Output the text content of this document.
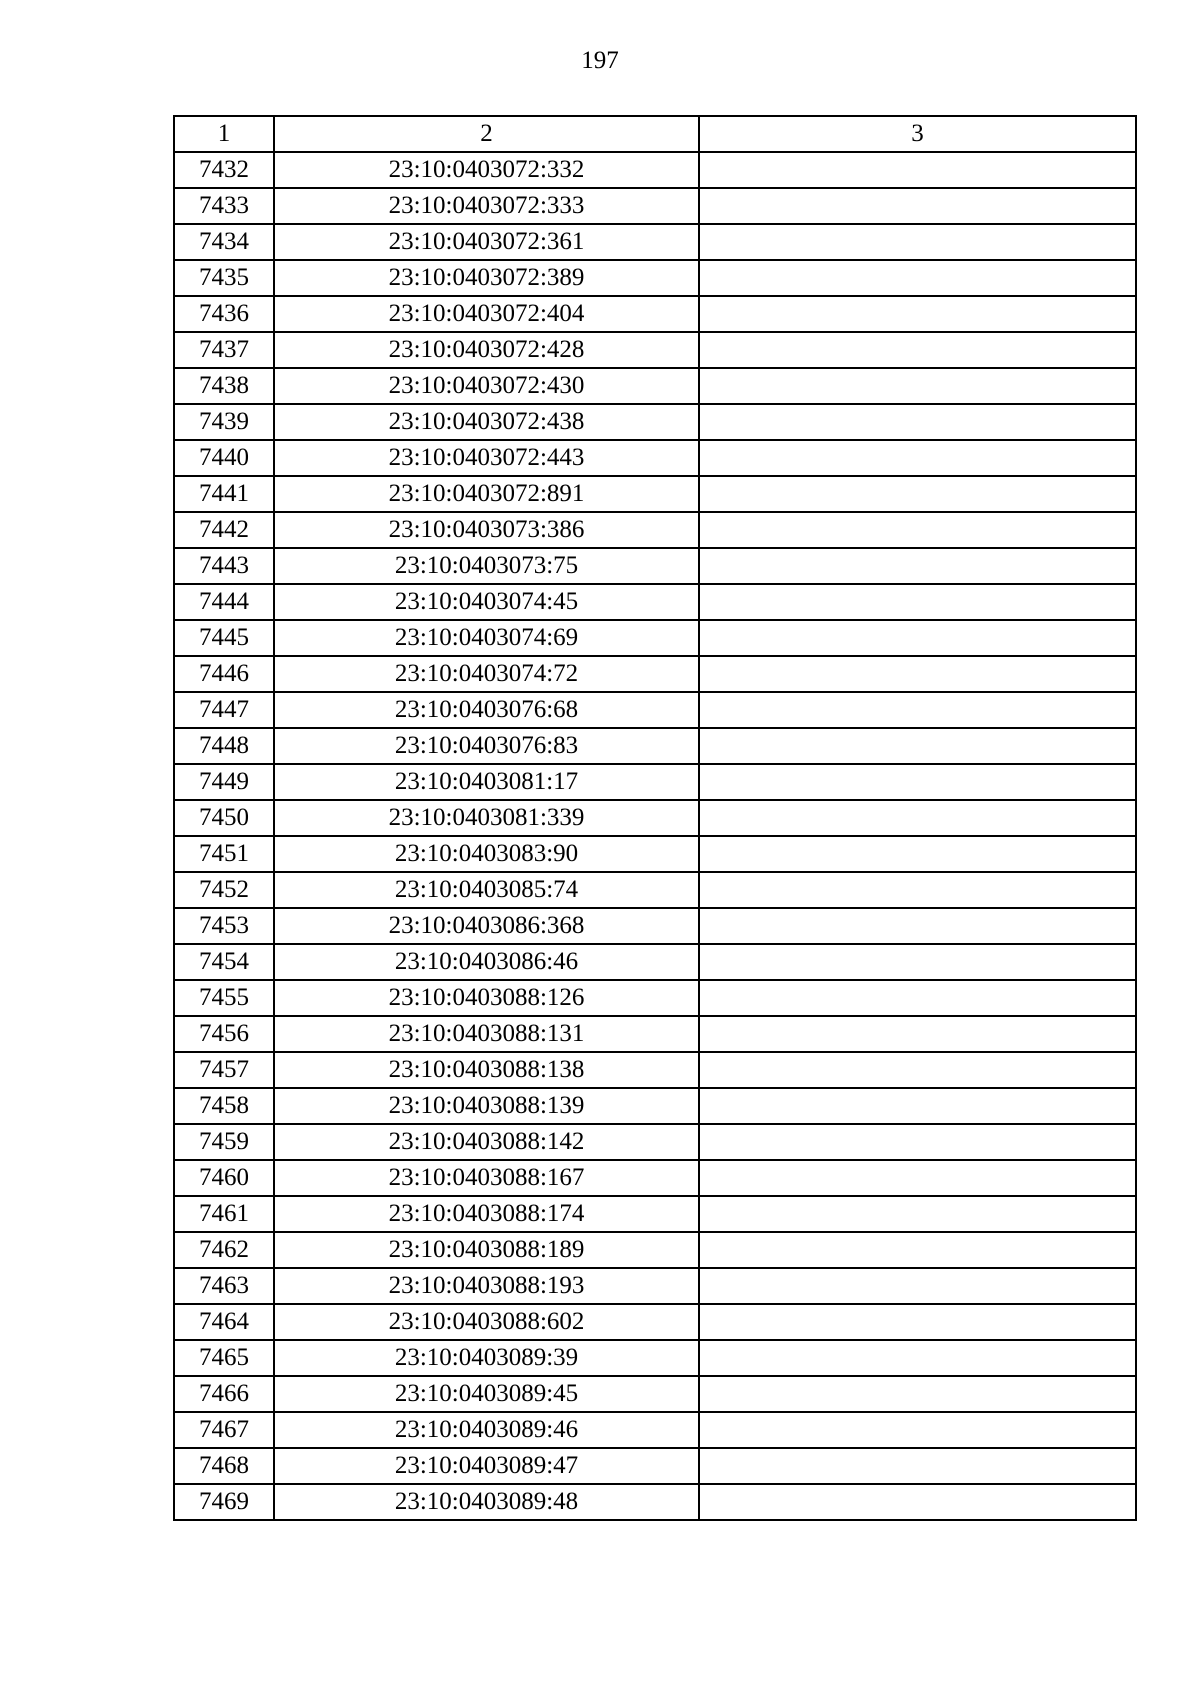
197
1	2	3
7432	23:10:0403072:332	
7433	23:10:0403072:333	
7434	23:10:0403072:361	
7435	23:10:0403072:389	
7436	23:10:0403072:404	
7437	23:10:0403072:428	
7438	23:10:0403072:430	
7439	23:10:0403072:438	
7440	23:10:0403072:443	
7441	23:10:0403072:891	
7442	23:10:0403073:386	
7443	23:10:0403073:75	
7444	23:10:0403074:45	
7445	23:10:0403074:69	
7446	23:10:0403074:72	
7447	23:10:0403076:68	
7448	23:10:0403076:83	
7449	23:10:0403081:17	
7450	23:10:0403081:339	
7451	23:10:0403083:90	
7452	23:10:0403085:74	
7453	23:10:0403086:368	
7454	23:10:0403086:46	
7455	23:10:0403088:126	
7456	23:10:0403088:131	
7457	23:10:0403088:138	
7458	23:10:0403088:139	
7459	23:10:0403088:142	
7460	23:10:0403088:167	
7461	23:10:0403088:174	
7462	23:10:0403088:189	
7463	23:10:0403088:193	
7464	23:10:0403088:602	
7465	23:10:0403089:39	
7466	23:10:0403089:45	
7467	23:10:0403089:46	
7468	23:10:0403089:47	
7469	23:10:0403089:48	
